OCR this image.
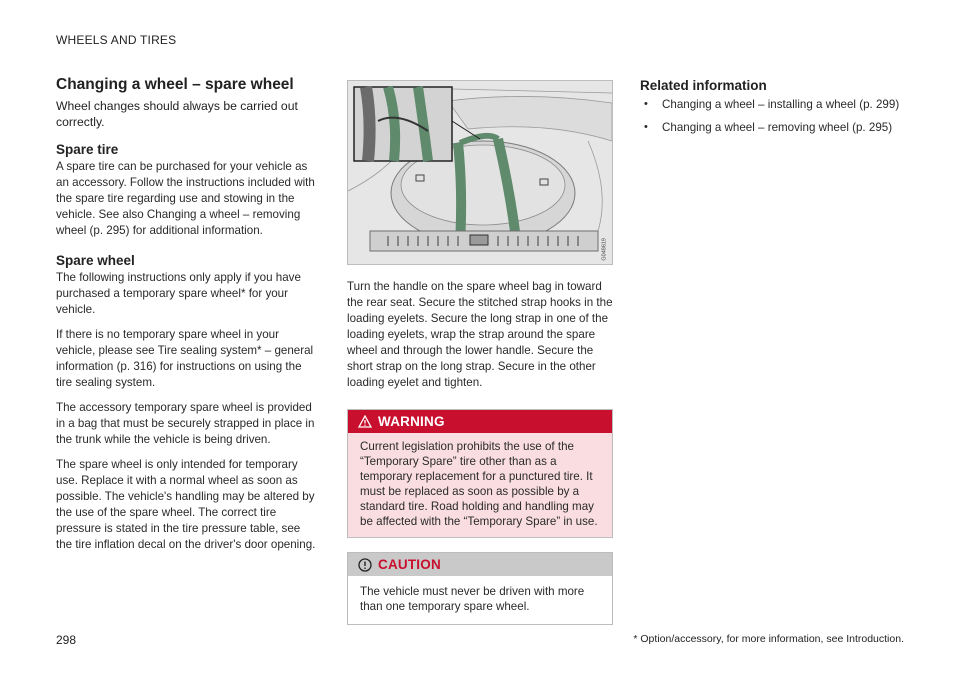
WHEELS AND TIRES
Changing a wheel – spare wheel
Wheel changes should always be carried out correctly.
Spare tire

A spare tire can be purchased for your vehicle as an accessory. Follow the instructions included with the spare tire regarding use and stowing in the vehicle. See also Changing a wheel – removing wheel (p. 295) for additional information.

Spare wheel

The following instructions only apply if you have purchased a temporary spare wheel* for your vehicle.

If there is no temporary spare wheel in your vehicle, please see Tire sealing system* – general information (p. 316) for instructions on using the tire sealing system.

The accessory temporary spare wheel is provided in a bag that must be securely strapped in place in the trunk while the vehicle is being driven.

The spare wheel is only intended for temporary use. Replace it with a normal wheel as soon as possible. The vehicle's handling may be altered by the use of the spare wheel. The correct tire pressure is stated in the tire pressure table, see the tire inflation decal on the driver's door opening.

G048619

Turn the handle on the spare wheel bag in toward the rear seat. Secure the stitched strap hooks in the loading eyelets. Secure the long strap in one of the loading eyelets, wrap the strap around the spare wheel and through the lower handle. Secure the short strap on the long strap. Secure in the other loading eyelet and tighten.

WARNING
Current legislation prohibits the use of the “Temporary Spare” tire other than as a temporary replacement for a punctured tire. It must be replaced as soon as possible by a standard tire. Road holding and handling may be affected with the “Temporary Spare” in use.
CAUTION
The vehicle must never be driven with more than one temporary spare wheel.
Related information
• Changing a wheel – installing a wheel (p. 299)
• Changing a wheel – removing wheel (p. 295)
298	* Option/accessory, for more information, see Introduction.
